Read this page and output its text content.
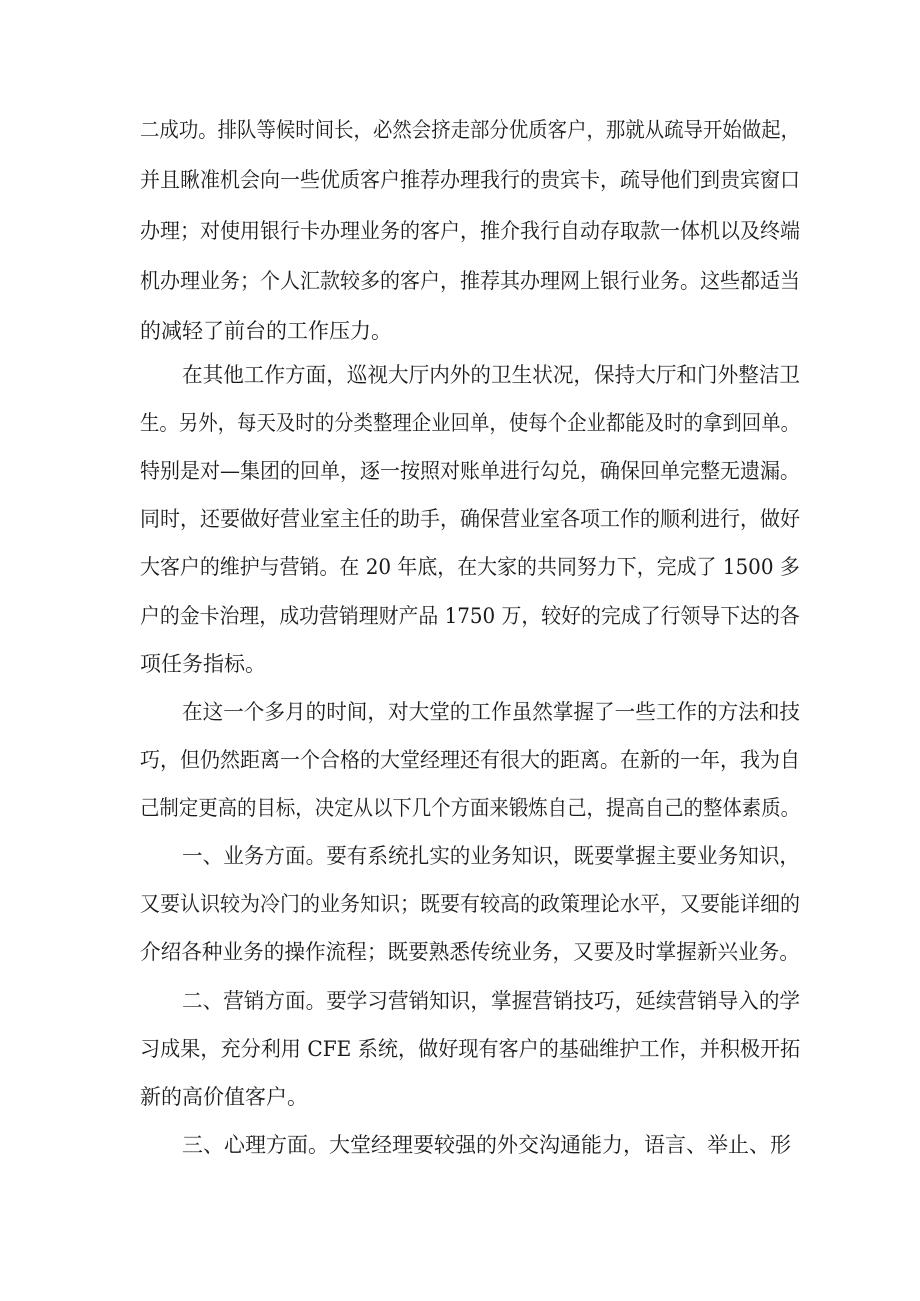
二成功。排队等候时间长，必然会挤走部分优质客户，那就从疏导开始做起，
并且瞅准机会向一些优质客户推荐办理我行的贵宾卡，疏导他们到贵宾窗口
办理；对使用银行卡办理业务的客户，推介我行自动存取款一体机以及终端
机办理业务；个人汇款较多的客户，推荐其办理网上银行业务。这些都适当
的减轻了前台的工作压力。
在其他工作方面，巡视大厅内外的卫生状况，保持大厅和门外整洁卫
生。另外，每天及时的分类整理企业回单，使每个企业都能及时的拿到回单。
特别是对—集团的回单，逐一按照对账单进行勾兑，确保回单完整无遗漏。
同时，还要做好营业室主任的助手，确保营业室各项工作的顺利进行，做好
大客户的维护与营销。在 20 年底，在大家的共同努力下，完成了 1500 多
户的金卡治理，成功营销理财产品 1750 万，较好的完成了行领导下达的各
项任务指标。
在这一个多月的时间，对大堂的工作虽然掌握了一些工作的方法和技
巧，但仍然距离一个合格的大堂经理还有很大的距离。在新的一年，我为自
己制定更高的目标，决定从以下几个方面来锻炼自己，提高自己的整体素质。
一、业务方面。要有系统扎实的业务知识，既要掌握主要业务知识，
又要认识较为冷门的业务知识；既要有较高的政策理论水平，又要能详细的
介绍各种业务的操作流程；既要熟悉传统业务，又要及时掌握新兴业务。
二、营销方面。要学习营销知识，掌握营销技巧，延续营销导入的学
习成果，充分利用 CFE 系统，做好现有客户的基础维护工作，并积极开拓
新的高价值客户。
三、心理方面。大堂经理要较强的外交沟通能力，语言、举止、形
